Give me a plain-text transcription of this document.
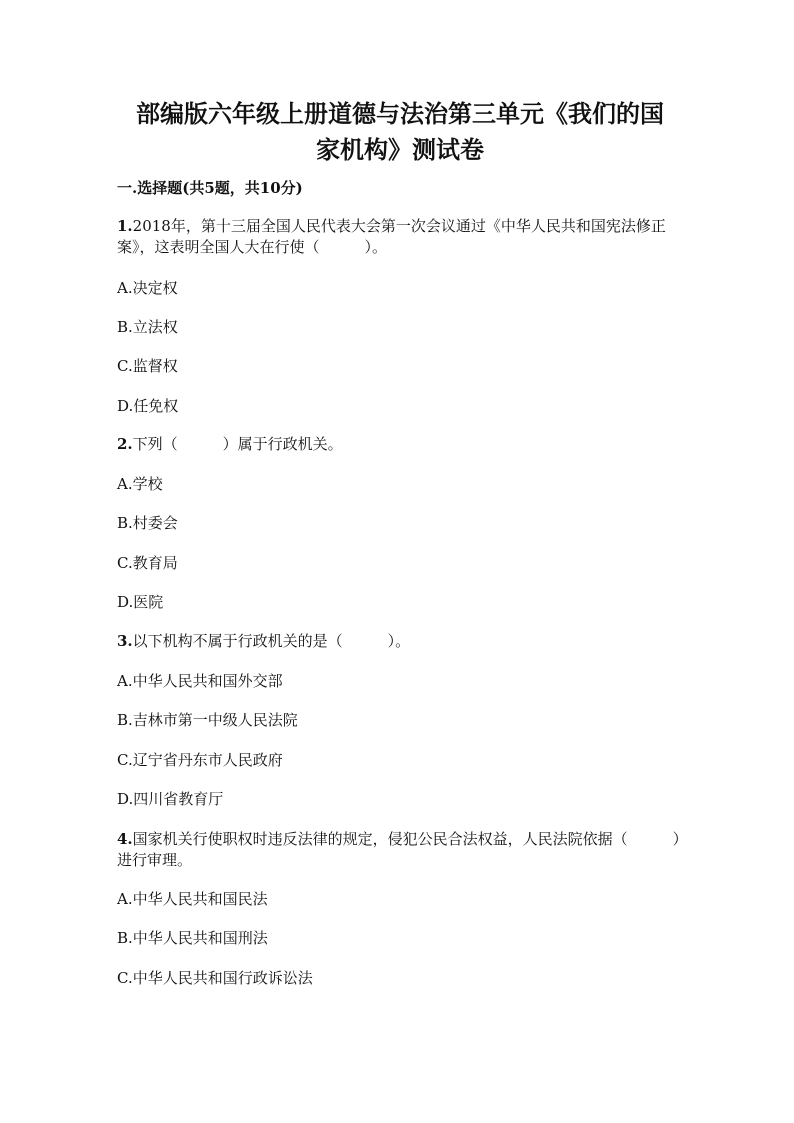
部编版六年级上册道德与法治第三单元《我们的国
家机构》测试卷
一.选择题(共5题，共10分)
1.2018年，第十三届全国人民代表大会第一次会议通过《中华人民共和国宪法修正案》，这表明全国人大在行使（　　　）。
A.决定权
B.立法权
C.监督权
D.任免权
2.下列（　　　）属于行政机关。
A.学校
B.村委会
C.教育局
D.医院
3.以下机构不属于行政机关的是（　　　）。
A.中华人民共和国外交部
B.吉林市第一中级人民法院
C.辽宁省丹东市人民政府
D.四川省教育厅
4.国家机关行使职权时违反法律的规定，侵犯公民合法权益，人民法院依据（　　　）进行审理。
A.中华人民共和国民法
B.中华人民共和国刑法
C.中华人民共和国行政诉讼法
